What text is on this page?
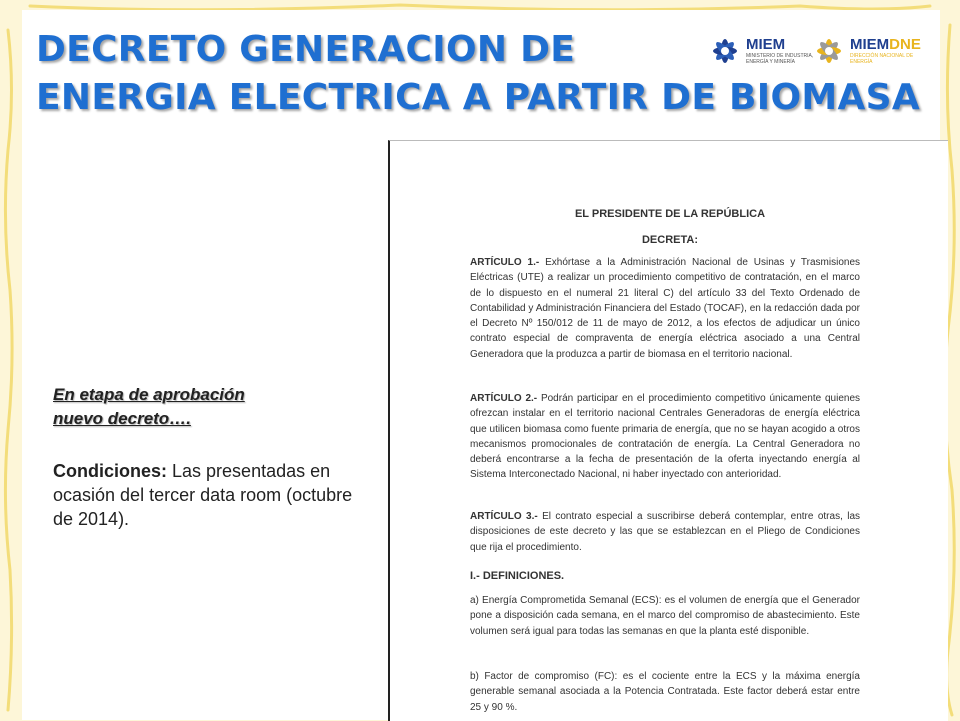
DECRETO GENERACION DE
ENERGIA ELECTRICA A PARTIR DE BIOMASA
MIEM
MINISTERIO DE INDUSTRIA, ENERGÍA Y MINERÍA
MIEMDNE
DIRECCIÓN NACIONAL DE ENERGÍA

En etapa de aprobación
nuevo decreto….

Condiciones: Las presentadas en ocasión del tercer data room (octubre de 2014).

EL PRESIDENTE DE LA REPÚBLICA

DECRETA:

ARTÍCULO 1.- Exhórtase a la Administración Nacional de Usinas y Trasmisiones Eléctricas (UTE) a realizar un procedimiento competitivo de contratación, en el marco de lo dispuesto en el numeral 21 literal C) del artículo 33 del Texto Ordenado de Contabilidad y Administración Financiera del Estado (TOCAF), en la redacción dada por el Decreto Nº 150/012 de 11 de mayo de 2012, a los efectos de adjudicar un único contrato especial de compraventa de energía eléctrica asociado a una Central Generadora que la produzca a partir de biomasa en el territorio nacional.
ARTÍCULO 2.- Podrán participar en el procedimiento competitivo únicamente quienes ofrezcan instalar en el territorio nacional Centrales Generadoras de energía eléctrica que utilicen biomasa como fuente primaria de energía, que no se hayan acogido a otros mecanismos promocionales de contratación de energía. La Central Generadora no deberá encontrarse a la fecha de presentación de la oferta inyectando energía al Sistema Interconectado Nacional, ni haber inyectado con anterioridad.
ARTÍCULO 3.- El contrato especial a suscribirse deberá contemplar, entre otras, las disposiciones de este decreto y las que se establezcan en el Pliego de Condiciones que rija el procedimiento.
I.- DEFINICIONES.
a) Energía Comprometida Semanal (ECS): es el volumen de energía que el Generador pone a disposición cada semana, en el marco del compromiso de abastecimiento. Este volumen será igual para todas las semanas en que la planta esté disponible.
b) Factor de compromiso (FC): es el cociente entre la ECS y la máxima energía generable semanal asociada a la Potencia Contratada. Este factor deberá estar entre 25 y 90 %.
